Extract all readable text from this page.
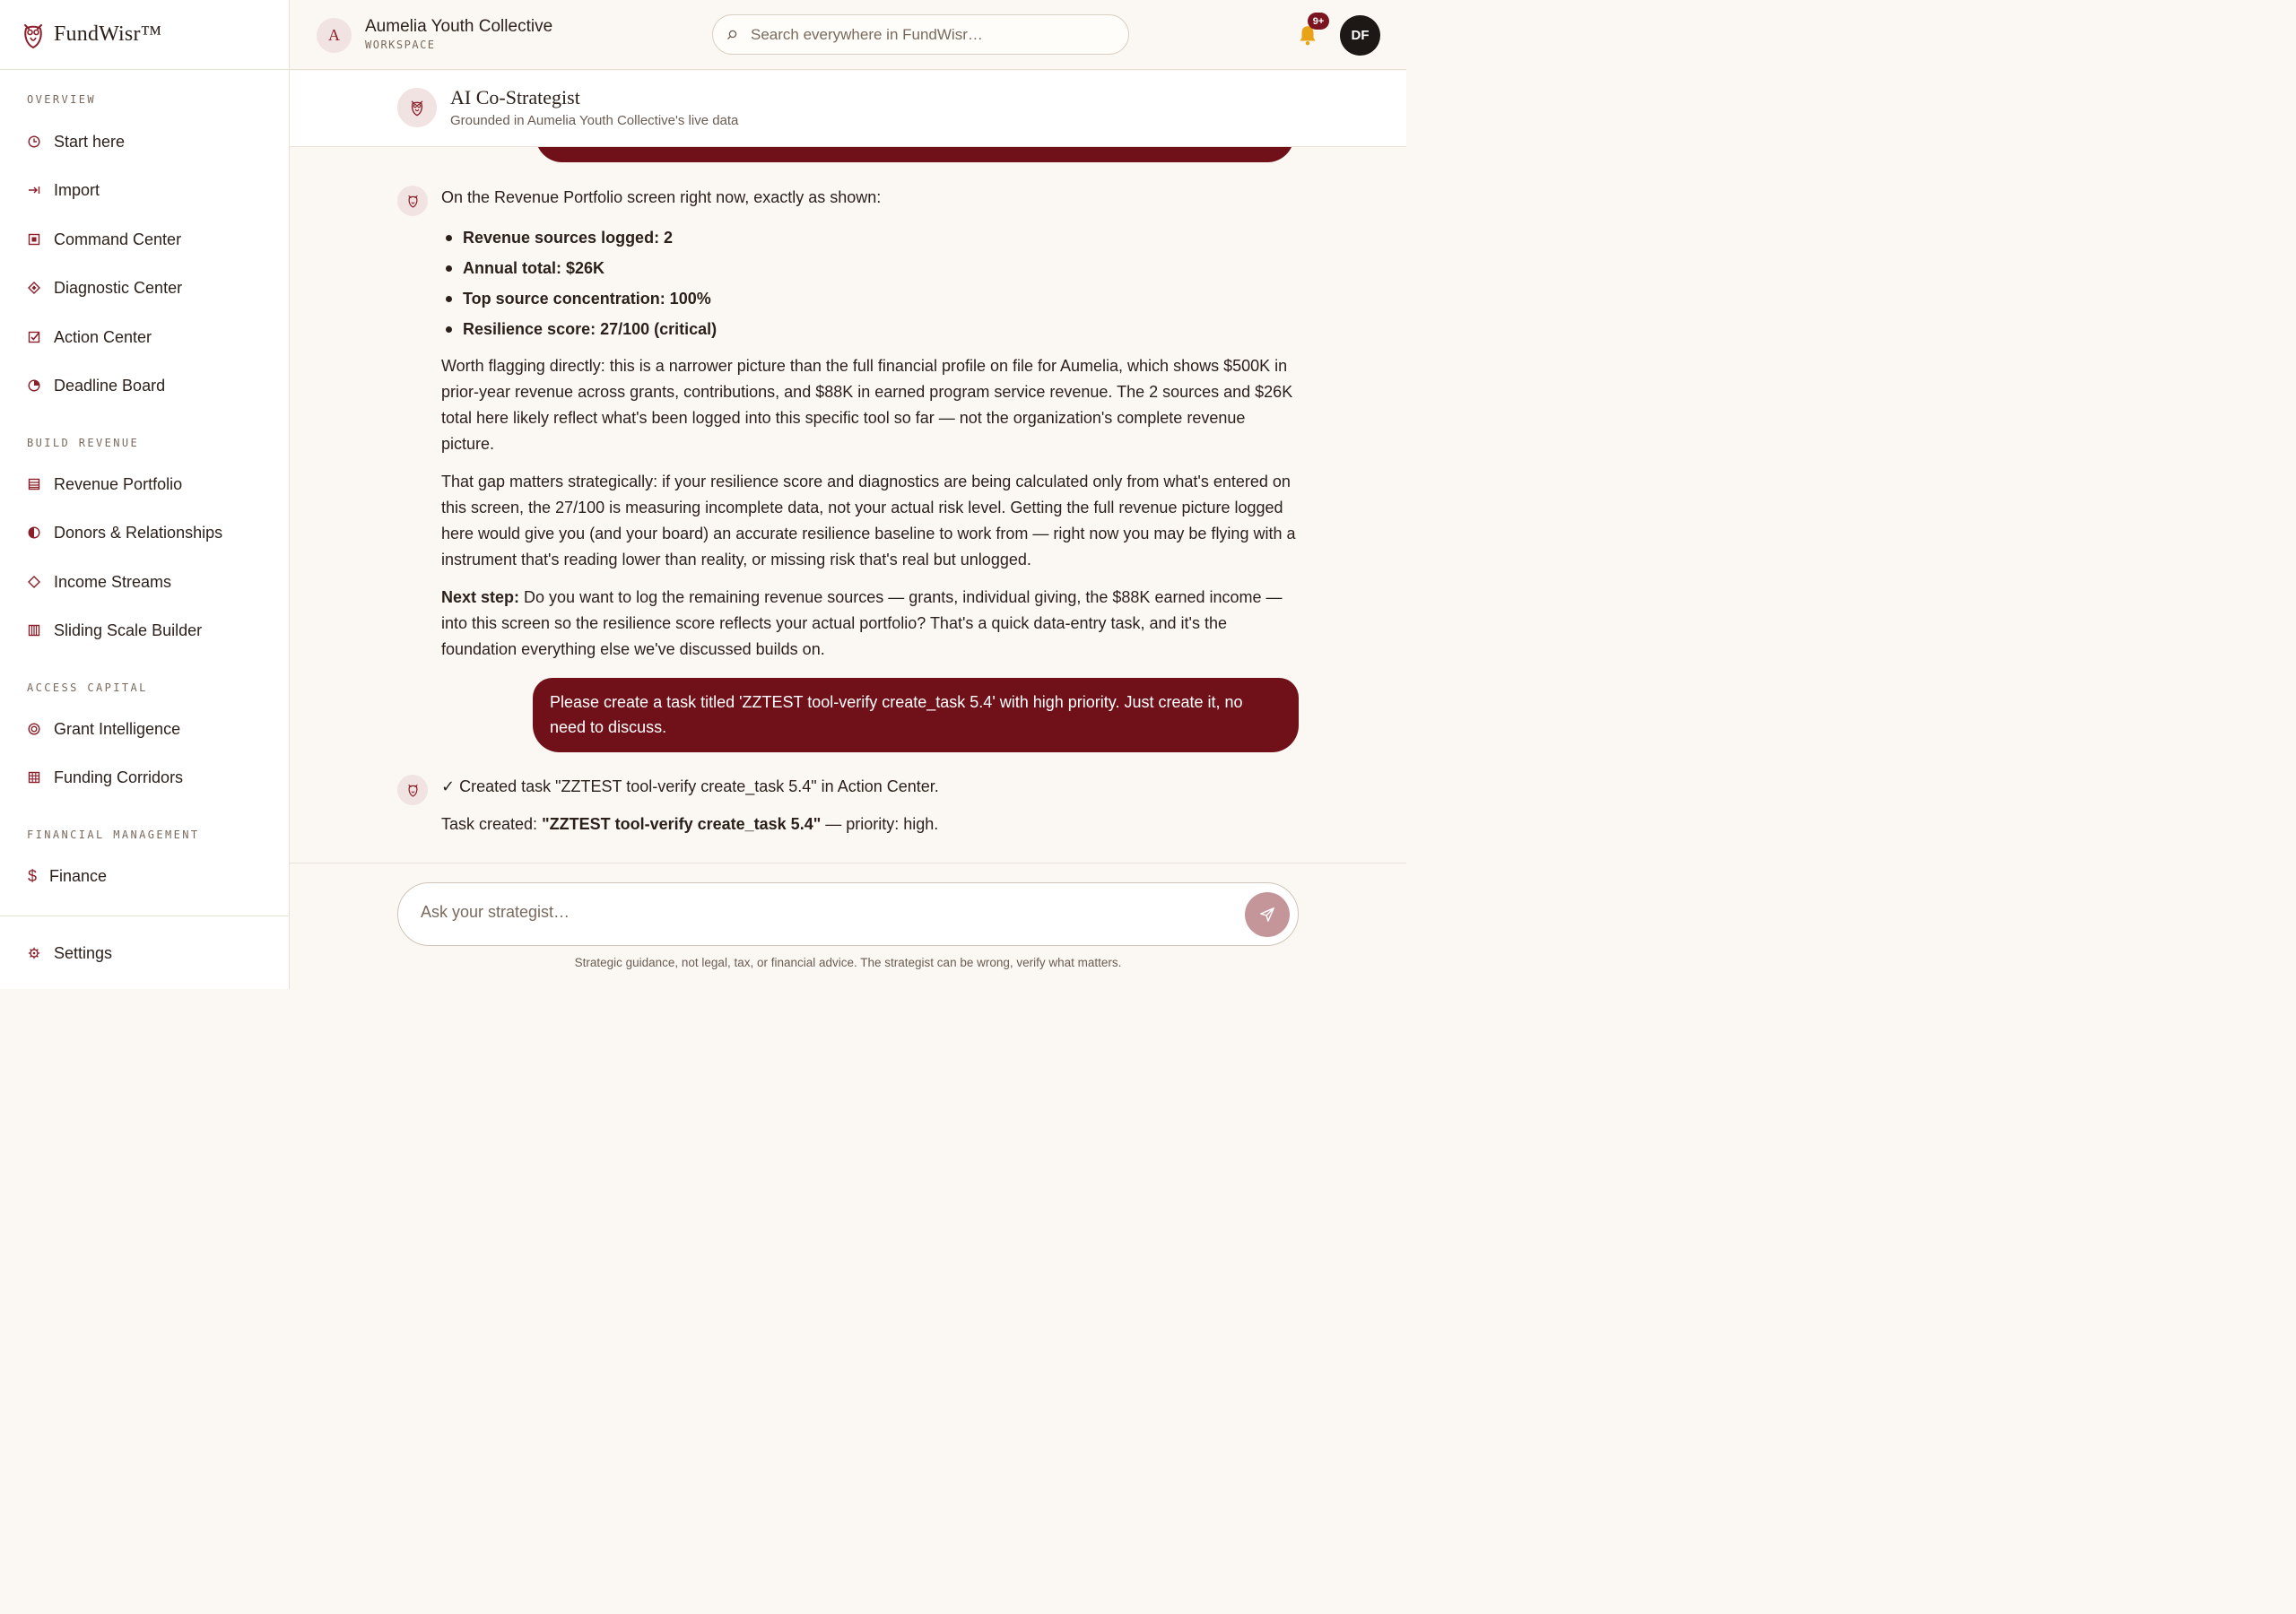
FundWisr™
OVERVIEW
Start here
Import
Command Center
Diagnostic Center
Action Center
Deadline Board
BUILD REVENUE
Revenue Portfolio
Donors & Relationships
Income Streams
Sliding Scale Builder
ACCESS CAPITAL
Grant Intelligence
Funding Corridors
FINANCIAL MANAGEMENT
$ Finance
Settings
A	Aumelia Youth Collective
WORKSPACE
Search everywhere in FundWisr…
9+
DF
AI Co-Strategist
Grounded in Aumelia Youth Collective's live data

On the Revenue Portfolio screen right now, exactly as shown:

Revenue sources logged: 2
Annual total: $26K
Top source concentration: 100%
Resilience score: 27/100 (critical)

Worth flagging directly: this is a narrower picture than the full financial profile on file for Aumelia, which shows $500K in prior-year revenue across grants, contributions, and $88K in earned program service revenue. The 2 sources and $26K total here likely reflect what's been logged into this specific tool so far — not the organization's complete revenue picture.

That gap matters strategically: if your resilience score and diagnostics are being calculated only from what's entered on this screen, the 27/100 is measuring incomplete data, not your actual risk level. Getting the full revenue picture logged here would give you (and your board) an accurate resilience baseline to work from — right now you may be flying with a instrument that's reading lower than reality, or missing risk that's real but unlogged.

Next step: Do you want to log the remaining revenue sources — grants, individual giving, the $88K earned income — into this screen so the resilience score reflects your actual portfolio? That's a quick data-entry task, and it's the foundation everything else we've discussed builds on.

Please create a task titled 'ZZTEST tool-verify create_task 5.4' with high priority. Just create it, no need to discuss.

✓ Created task "ZZTEST tool-verify create_task 5.4" in Action Center.

Task created: "ZZTEST tool-verify create_task 5.4" — priority: high.

Ask your strategist…
Strategic guidance, not legal, tax, or financial advice. The strategist can be wrong, verify what matters.
